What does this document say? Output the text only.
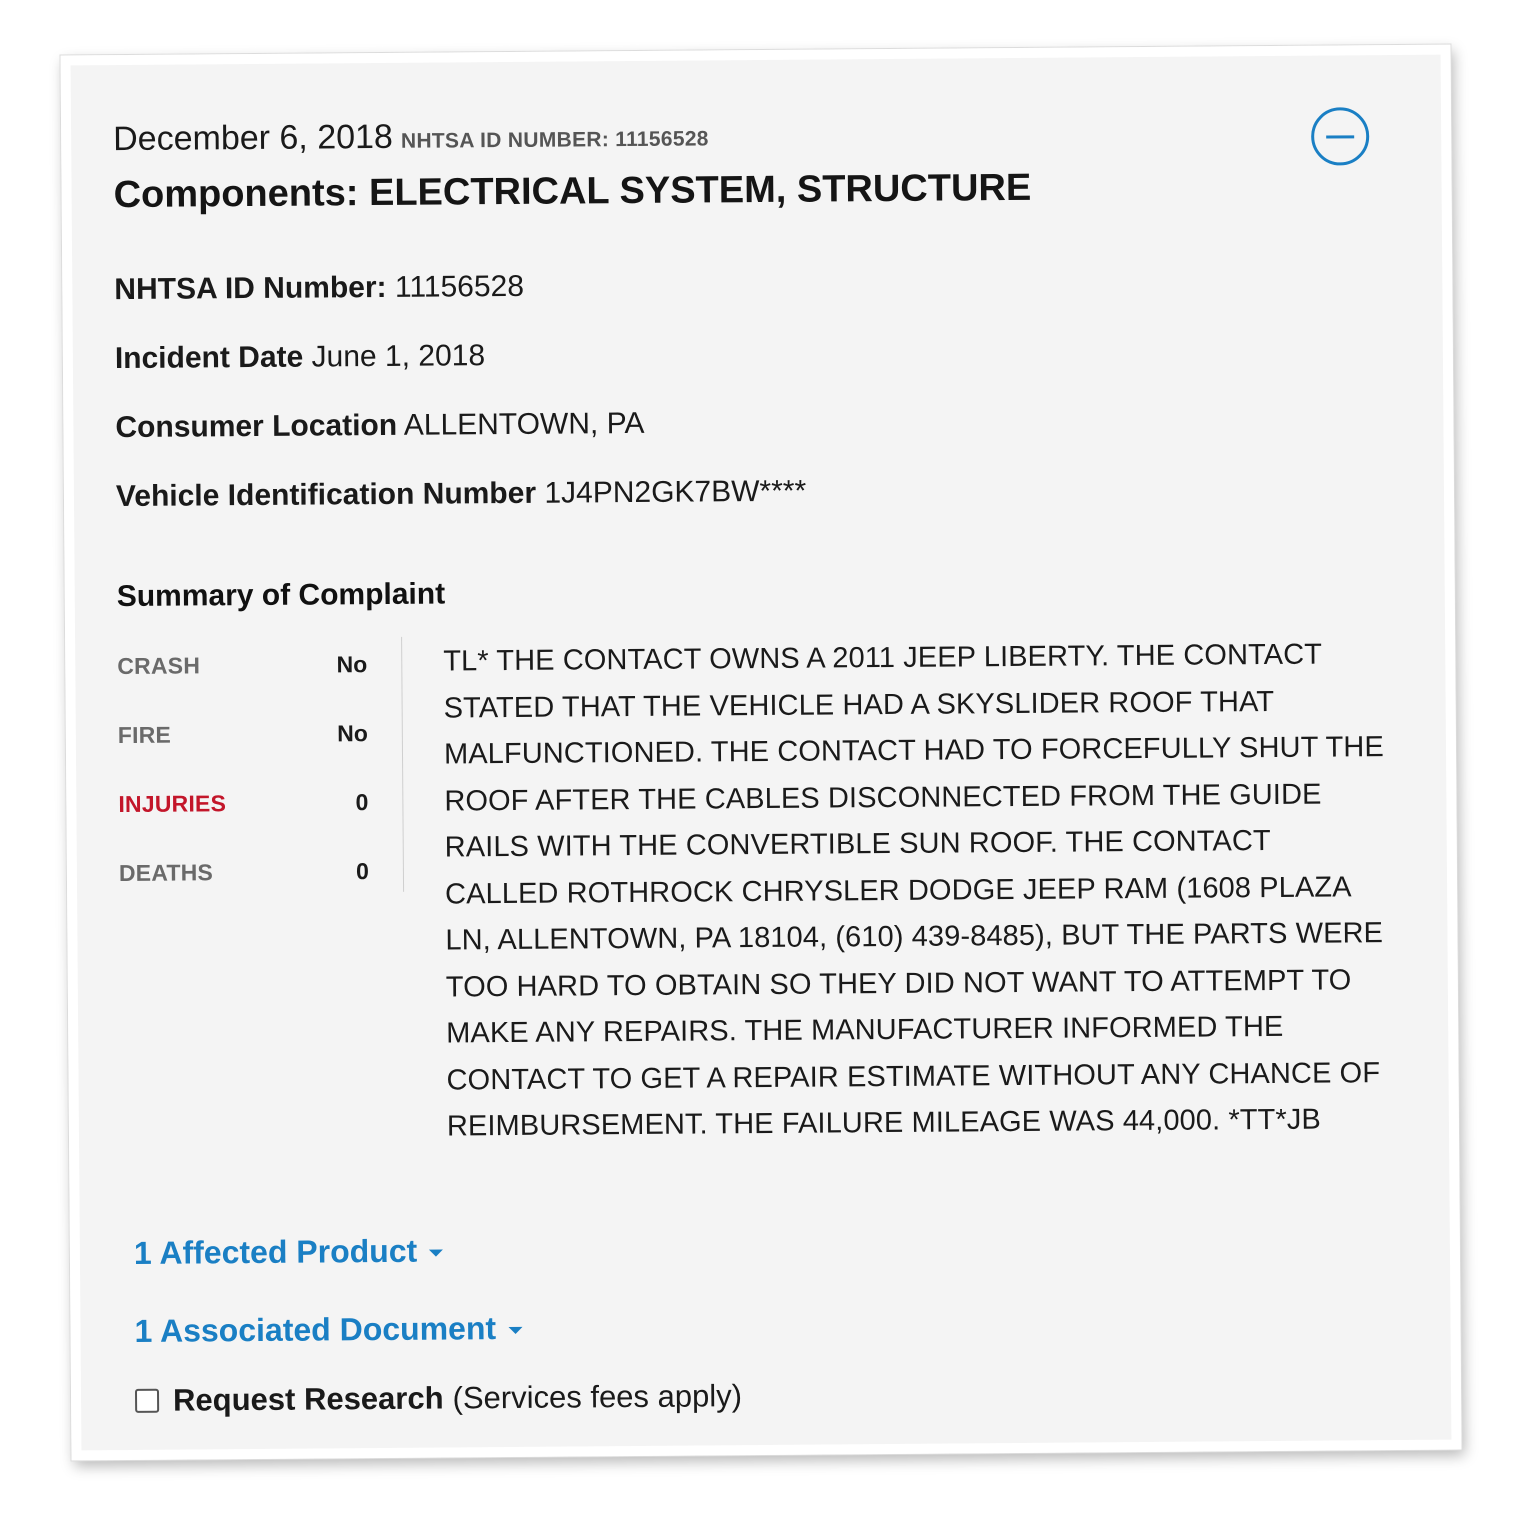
December 6, 2018 NHTSA ID NUMBER: 11156528
Components: ELECTRICAL SYSTEM, STRUCTURE
NHTSA ID Number: 11156528
Incident Date June 1, 2018
Consumer Location ALLENTOWN, PA
Vehicle Identification Number 1J4PN2GK7BW****
Summary of Complaint
CRASH	No
FIRE	No
INJURIES	0
DEATHS	0
TL* THE CONTACT OWNS A 2011 JEEP LIBERTY. THE CONTACT STATED THAT THE VEHICLE HAD A SKYSLIDER ROOF THAT MALFUNCTIONED. THE CONTACT HAD TO FORCEFULLY SHUT THE ROOF AFTER THE CABLES DISCONNECTED FROM THE GUIDE RAILS WITH THE CONVERTIBLE SUN ROOF. THE CONTACT CALLED ROTHROCK CHRYSLER DODGE JEEP RAM (1608 PLAZA LN, ALLENTOWN, PA 18104, (610) 439-8485), BUT THE PARTS WERE TOO HARD TO OBTAIN SO THEY DID NOT WANT TO ATTEMPT TO MAKE ANY REPAIRS. THE MANUFACTURER INFORMED THE CONTACT TO GET A REPAIR ESTIMATE WITHOUT ANY CHANCE OF REIMBURSEMENT. THE FAILURE MILEAGE WAS 44,000. *TT*JB
1 Affected Product
1 Associated Document
Request Research (Services fees apply)
